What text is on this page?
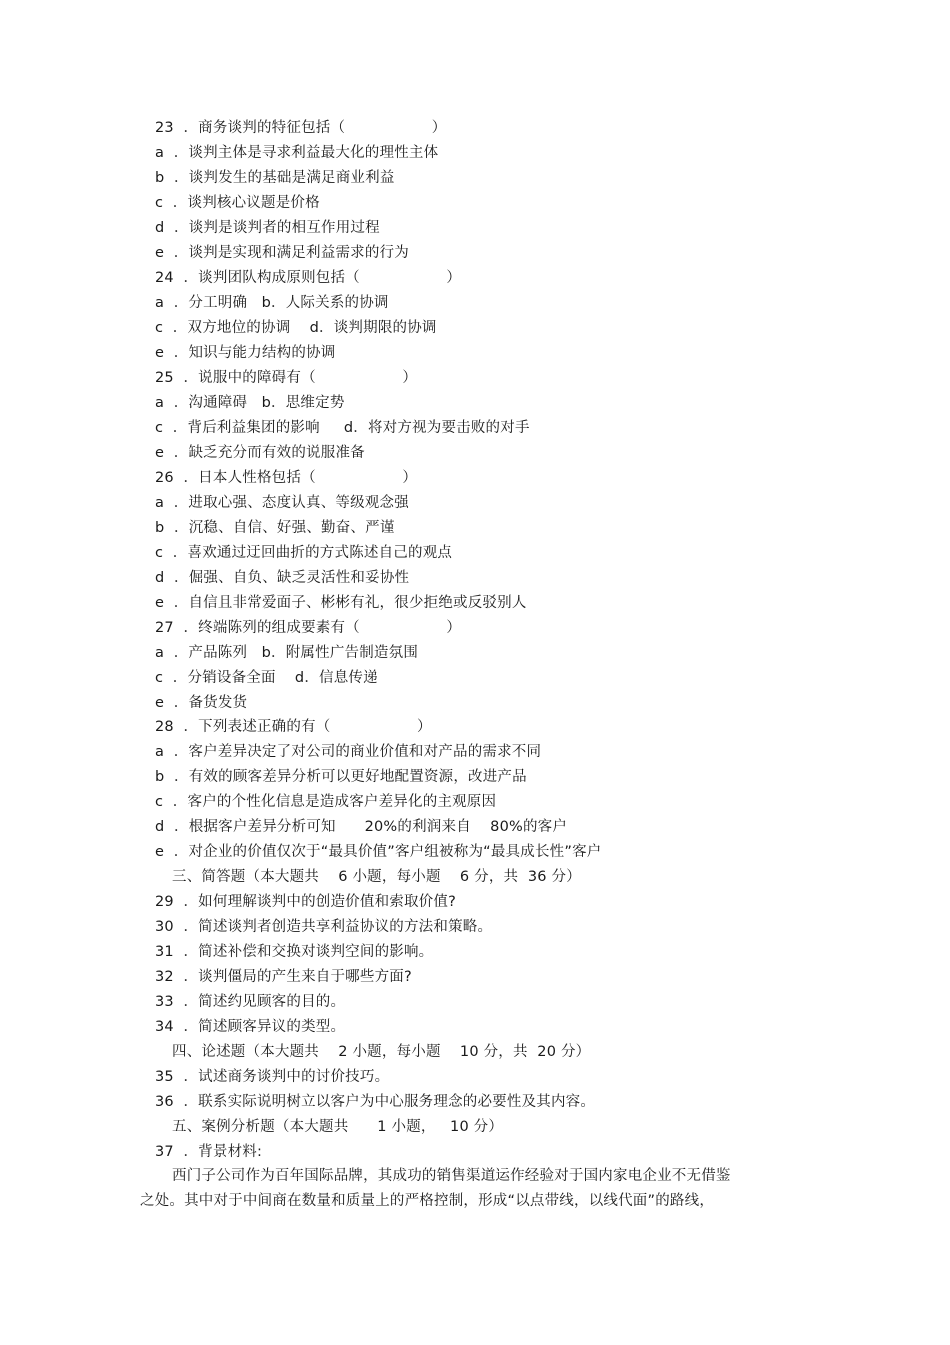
23  ．商务谈判的特征包括（                  ）
a  ．谈判主体是寻求利益最大化的理性主体
b  ．谈判发生的基础是满足商业利益
c  ．谈判核心议题是价格
d  ．谈判是谈判者的相互作用过程
e  ．谈判是实现和满足利益需求的行为
24  ．谈判团队构成原则包括（                  ）
a  ．分工明确   b．人际关系的协调
c  ．双方地位的协调    d．谈判期限的协调
e  ．知识与能力结构的协调
25  ．说服中的障碍有（                  ）
a  ．沟通障碍   b．思维定势
c  ．背后利益集团的影响     d．将对方视为要击败的对手
e  ．缺乏充分而有效的说服准备
26  ．日本人性格包括（                  ）
a  ．进取心强、态度认真、等级观念强
b  ．沉稳、自信、好强、勤奋、严谨
c  ．喜欢通过迂回曲折的方式陈述自己的观点
d  ．倔强、自负、缺乏灵活性和妥协性
e  ．自信且非常爱面子、彬彬有礼，很少拒绝或反驳别人
27  ．终端陈列的组成要素有（                  ）
a  ．产品陈列   b．附属性广告制造氛围
c  ．分销设备全面    d．信息传递
e  ．备货发货
28  ．下列表述正确的有（                  ）
a  ．客户差异决定了对公司的商业价值和对产品的需求不同
b  ．有效的顾客差异分析可以更好地配置资源，改进产品
c  ．客户的个性化信息是造成客户差异化的主观原因
d  ．根据客户差异分析可知      20%的利润来自    80%的客户
e  ．对企业的价值仅次于“最具价值”客户组被称为“最具成长性”客户
三、简答题（本大题共    6 小题，每小题    6 分，共  36 分）
29  ．如何理解谈判中的创造价值和索取价值?
30  ．简述谈判者创造共享利益协议的方法和策略。
31  ．简述补偿和交换对谈判空间的影响。
32  ．谈判僵局的产生来自于哪些方面?
33  ．简述约见顾客的目的。
34  ．简述顾客异议的类型。
四、论述题（本大题共    2 小题，每小题    10 分，共  20 分）
35  ．试述商务谈判中的讨价技巧。
36  ．联系实际说明树立以客户为中心服务理念的必要性及其内容。
五、案例分析题（本大题共      1 小题，   10 分）
37  ．背景材料:
西门子公司作为百年国际品牌，其成功的销售渠道运作经验对于国内家电企业不无借鉴
之处。其中对于中间商在数量和质量上的严格控制，形成“以点带线，以线代面”的路线，
